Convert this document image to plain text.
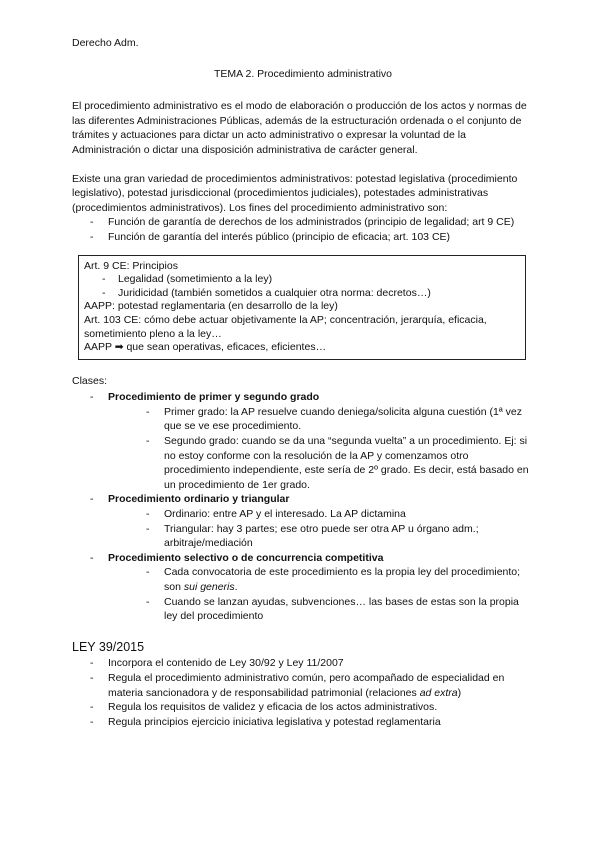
Derecho Adm.

TEMA 2. Procedimiento administrativo

El procedimiento administrativo es el modo de elaboración o producción de los actos y normas de las diferentes Administraciones Públicas, además de la estructuración ordenada o el conjunto de trámites y actuaciones para dictar un acto administrativo o expresar la voluntad de la Administración o dictar una disposición administrativa de carácter general.

Existe una gran variedad de procedimientos administrativos: potestad legislativa (procedimiento legislativo), potestad jurisdiccional (procedimientos judiciales), potestades administrativas (procedimientos administrativos). Los fines del procedimiento administrativo son:

- Función de garantía de derechos de los administrados (principio de legalidad; art 9 CE)
- Función de garantía del interés público (principio de eficacia; art. 103 CE)
Art. 9 CE: Principios
- Legalidad (sometimiento a la ley)
- Juridicidad (también sometidos a cualquier otra norma: decretos…)
AAPP: potestad reglamentaria (en desarrollo de la ley)
Art. 103 CE: cómo debe actuar objetivamente la AP; concentración, jerarquía, eficacia, sometimiento pleno a la ley…
AAPP ➡ que sean operativas, eficaces, eficientes…

Clases:

- Procedimiento de primer y segundo grado
- Primer grado: la AP resuelve cuando deniega/solicita alguna cuestión (1ª vez que se ve ese procedimiento.
- Segundo grado: cuando se da una “segunda vuelta” a un procedimiento. Ej: si no estoy conforme con la resolución de la AP y comenzamos otro procedimiento independiente, este sería de 2º grado. Es decir, está basado en un procedimiento de 1er grado.
- Procedimiento ordinario y triangular
- Ordinario: entre AP y el interesado. La AP dictamina
- Triangular: hay 3 partes; ese otro puede ser otra AP u órgano adm.; arbitraje/mediación
- Procedimiento selectivo o de concurrencia competitiva
- Cada convocatoria de este procedimiento es la propia ley del procedimiento; son sui generis.
- Cuando se lanzan ayudas, subvenciones… las bases de estas son la propia ley del procedimiento

LEY 39/2015

- Incorpora el contenido de Ley 30/92 y Ley 11/2007
- Regula el procedimiento administrativo común, pero acompañado de especialidad en materia sancionadora y de responsabilidad patrimonial (relaciones ad extra)
- Regula los requisitos de validez y eficacia de los actos administrativos.
- Regula principios ejercicio iniciativa legislativa y potestad reglamentaria
